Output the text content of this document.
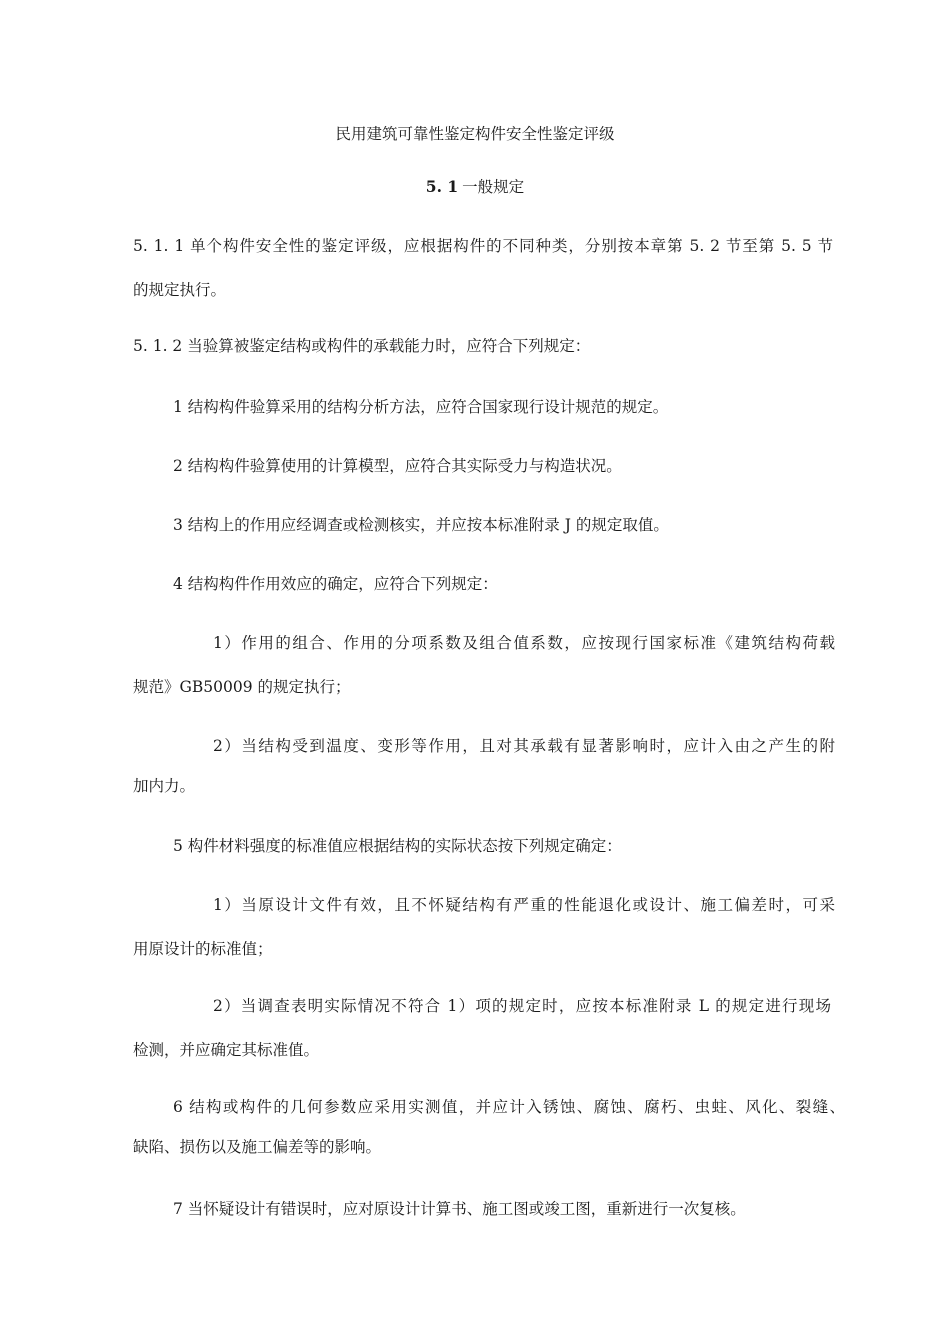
民用建筑可靠性鉴定构件安全性鉴定评级
5. 1 一般规定
5. 1. 1 单个构件安全性的鉴定评级，应根据构件的不同种类，分别按本章第 5. 2 节至第 5. 5 节
的规定执行。
5. 1. 2 当验算被鉴定结构或构件的承载能力时，应符合下列规定：
1 结构构件验算采用的结构分析方法，应符合国家现行设计规范的规定。
2 结构构件验算使用的计算模型，应符合其实际受力与构造状况。
3 结构上的作用应经调查或检测核实，并应按本标准附录 J 的规定取值。
4 结构构件作用效应的确定，应符合下列规定：
1）作用的组合、作用的分项系数及组合值系数，应按现行国家标准《建筑结构荷载
规范》GB50009 的规定执行；
2）当结构受到温度、变形等作用，且对其承载有显著影响时，应计入由之产生的附
加内力。
5 构件材料强度的标准值应根据结构的实际状态按下列规定确定：
1）当原设计文件有效，且不怀疑结构有严重的性能退化或设计、施工偏差时，可采
用原设计的标准值；
2）当调查表明实际情况不符合 1）项的规定时，应按本标准附录 L 的规定进行现场
检测，并应确定其标准值。
6 结构或构件的几何参数应采用实测值，并应计入锈蚀、腐蚀、腐朽、虫蛀、风化、裂缝、
缺陷、损伤以及施工偏差等的影响。
7 当怀疑设计有错误时，应对原设计计算书、施工图或竣工图，重新进行一次复核。
